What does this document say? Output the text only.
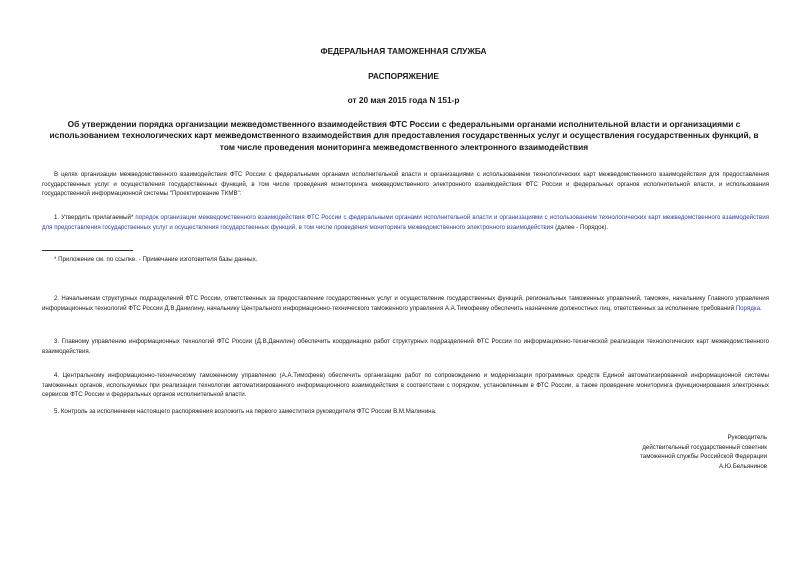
ФЕДЕРАЛЬНАЯ ТАМОЖЕННАЯ СЛУЖБА
РАСПОРЯЖЕНИЕ
от 20 мая 2015 года N 151-р
Об утверждении порядка организации межведомственного взаимодействия ФТС России с федеральными органами исполнительной власти и организациями с использованием технологических карт межведомственного взаимодействия для предоставления государственных услуг и осуществления государственных функций, в том числе проведения мониторинга межведомственного электронного взаимодействия
В целях организации межведомственного взаимодействия ФТС России с федеральными органами исполнительной власти и организациями с использованием технологических карт межведомственного взаимодействия для предоставления государственных услуг и осуществления государственных функций, в том числе проведения мониторинга межведомственного электронного взаимодействия ФТС России и федеральных органов исполнительной власти, и использования государственной информационной системы "Проектирование ТКМВ":
1. Утвердить прилагаемый* порядок организации межведомственного взаимодействия ФТС России с федеральными органами исполнительной власти и организациями с использованием технологических карт межведомственного взаимодействия для предоставления государственных услуг и осуществления государственных функций, в том числе проведения мониторинга межведомственного электронного взаимодействия (далее - Порядок).
* Приложение см. по ссылке. - Примечание изготовителя базы данных.
2. Начальникам структурных подразделений ФТС России, ответственных за предоставление государственных услуг и осуществление государственных функций, региональных таможенных управлений, таможен, начальнику Главного управления информационных технологий ФТС России Д.В.Данилину, начальнику Центрального информационно-технического таможенного управления А.А.Тимофееву обеспечить назначение должностных лиц, ответственных за исполнение требований Порядка.
3. Главному управлению информационных технологий ФТС России (Д.В.Данилин) обеспечить координацию работ структурных подразделений ФТС России по информационно-технической реализации технологических карт межведомственного взаимодействия.
4. Центральному информационно-техническому таможенному управлению (А.А.Тимофеев) обеспечить организацию работ по сопровождению и модернизации программных средств Единой автоматизированной информационной системы таможенных органов, используемых при реализации технологии автоматизированного информационного взаимодействия в соответствии с порядком, установленным в ФТС России, а также проведение мониторинга функционирования электронных сервисов ФТС России и федеральных органов исполнительной власти.
5. Контроль за исполнением настоящего распоряжения возложить на первого заместителя руководителя ФТС России В.М.Малинина.
Руководитель
действительный государственный советник
таможенной службы Российской Федерации
А.Ю.Бельянинов
